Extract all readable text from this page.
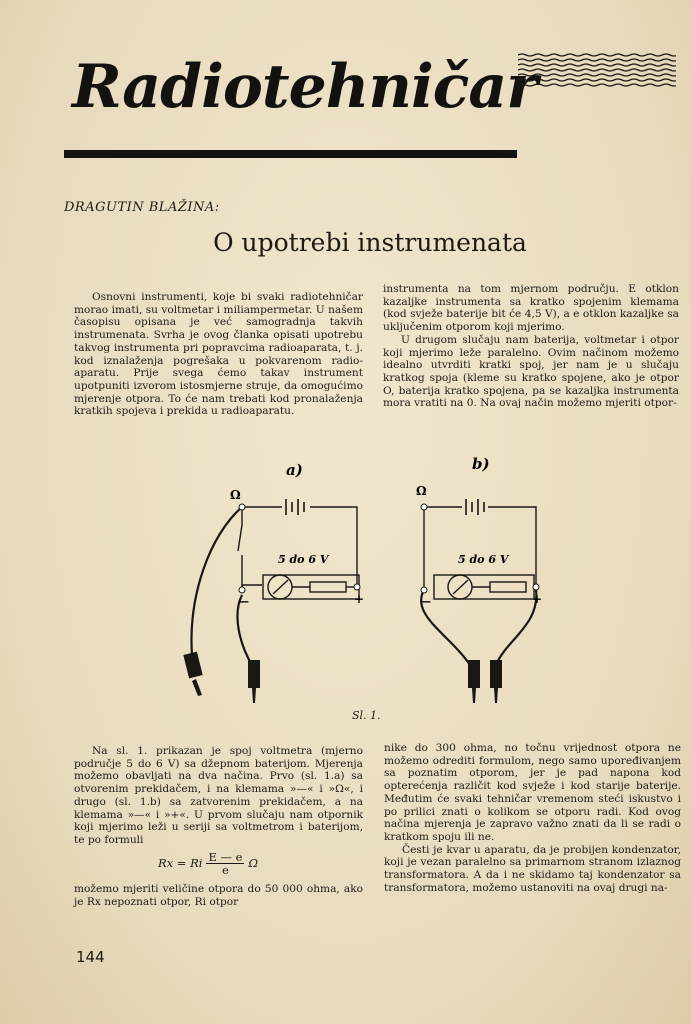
Radiotehničar
DRAGUTIN BLAŽINA:
O upotrebi instrumenata

Osnovni instrumenti, koje bi svaki radiotehničar morao imati, su voltmetar i miliampermetar. U našem časopisu opisana je već samogradnja takvih instrumenata. Svrha je ovog članka opisati upotrebu takvog instrumenta pri popravcima radioaparata, t. j. kod iznalaženja pogrešaka u pokvarenom radio-aparatu. Prije svega ćemo takav instrument upotpuniti izvorom istosmjerne struje, da omogućimo mjerenje otpora. To će nam trebati kod pronalaženja kratkih spojeva i prekida u radioaparatu.

instrumenta na tom mjernom području. E otklon kazaljke instrumenta sa kratko spojenim klemama (kod svježe baterije bit će 4,5 V), a e otklon kazaljke sa uključenim otporom koji mjerimo.

U drugom slučaju nam baterija, voltmetar i otpor koji mjerimo leže paralelno. Ovim načinom možemo idealno utvrditi kratki spoj, jer nam je u slučaju kratkog spoja (kleme su kratko spojene, ako je otpor O, baterija kratko spojena, pa se kazaljka instrumenta mora vratiti na 0. Na ovaj način možemo mjeriti otpor-

a)	b)
5 do 6 V	5 do 6 V
Ω	Ω
—	—
+	+
Sl. 1.

Na sl. 1. prikazan je spoj voltmetra (mjerno područje 5 do 6 V) sa džepnom baterijom. Mjerenja možemo obavljati na dva načina. Prvo (sl. 1.a) sa otvorenim prekidačem, i na klemama »—« i »Ω«, i drugo (sl. 1.b) sa zatvorenim prekidačem, a na klemama »—« i »+«. U prvom slučaju nam otpornik koji mjerimo leži u seriji sa voltmetrom i baterijom, te po formuli

Rx = Ri $\frac{E — e}{e}$ Ω

možemo mjeriti veličine otpora do 50 000 ohma, ako je Rx nepoznati otpor, Ri otpor

nike do 300 ohma, no točnu vrijednost otpora ne možemo odrediti formulom, nego samo upoređivanjem sa poznatim otporom, jer je pad napona kod opterećenja različit kod svježe i kod starije baterije. Međutim će svaki tehničar vremenom steći iskustvo i po prilici znati o kolikom se otporu radi. Kod ovog načina mjerenja je zapravo važno znati da li se radi o kratkom spoju ili ne.

Česti je kvar u aparatu, da je probijen kondenzator, koji je vezan paralelno sa primarnom stranom izlaznog transformatora. A da i ne skidamo taj kondenzator sa transformatora, možemo ustanoviti na ovaj drugi na-

144
